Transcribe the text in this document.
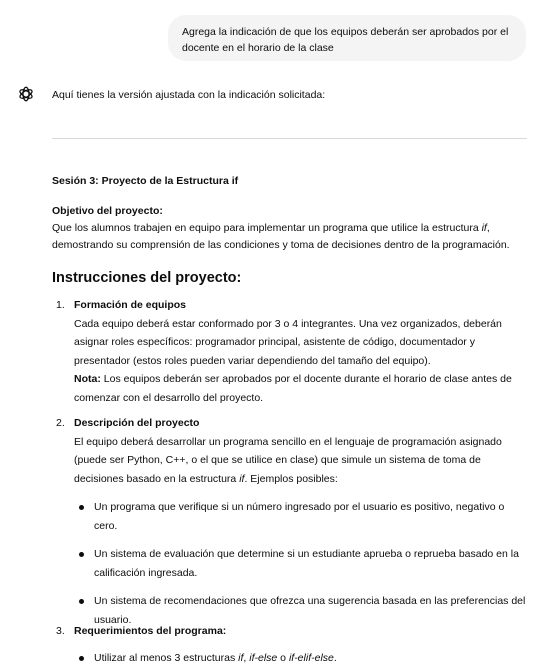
Agrega la indicación de que los equipos deberán ser aprobados por el docente en el horario de la clase
Aquí tienes la versión ajustada con la indicación solicitada:
Sesión 3: Proyecto de la Estructura if
Objetivo del proyecto:
Que los alumnos trabajen en equipo para implementar un programa que utilice la estructura if, demostrando su comprensión de las condiciones y toma de decisiones dentro de la programación.
Instrucciones del proyecto:
1. Formación de equipos
Cada equipo deberá estar conformado por 3 o 4 integrantes. Una vez organizados, deberán asignar roles específicos: programador principal, asistente de código, documentador y presentador (estos roles pueden variar dependiendo del tamaño del equipo).
Nota: Los equipos deberán ser aprobados por el docente durante el horario de clase antes de comenzar con el desarrollo del proyecto.
2. Descripción del proyecto
El equipo deberá desarrollar un programa sencillo en el lenguaje de programación asignado (puede ser Python, C++, o el que se utilice en clase) que simule un sistema de toma de decisiones basado en la estructura if. Ejemplos posibles:
Un programa que verifique si un número ingresado por el usuario es positivo, negativo o cero.
Un sistema de evaluación que determine si un estudiante aprueba o reprueba basado en la calificación ingresada.
Un sistema de recomendaciones que ofrezca una sugerencia basada en las preferencias del usuario.
3. Requerimientos del programa:
Utilizar al menos 3 estructuras if, if-else o if-elif-else.
